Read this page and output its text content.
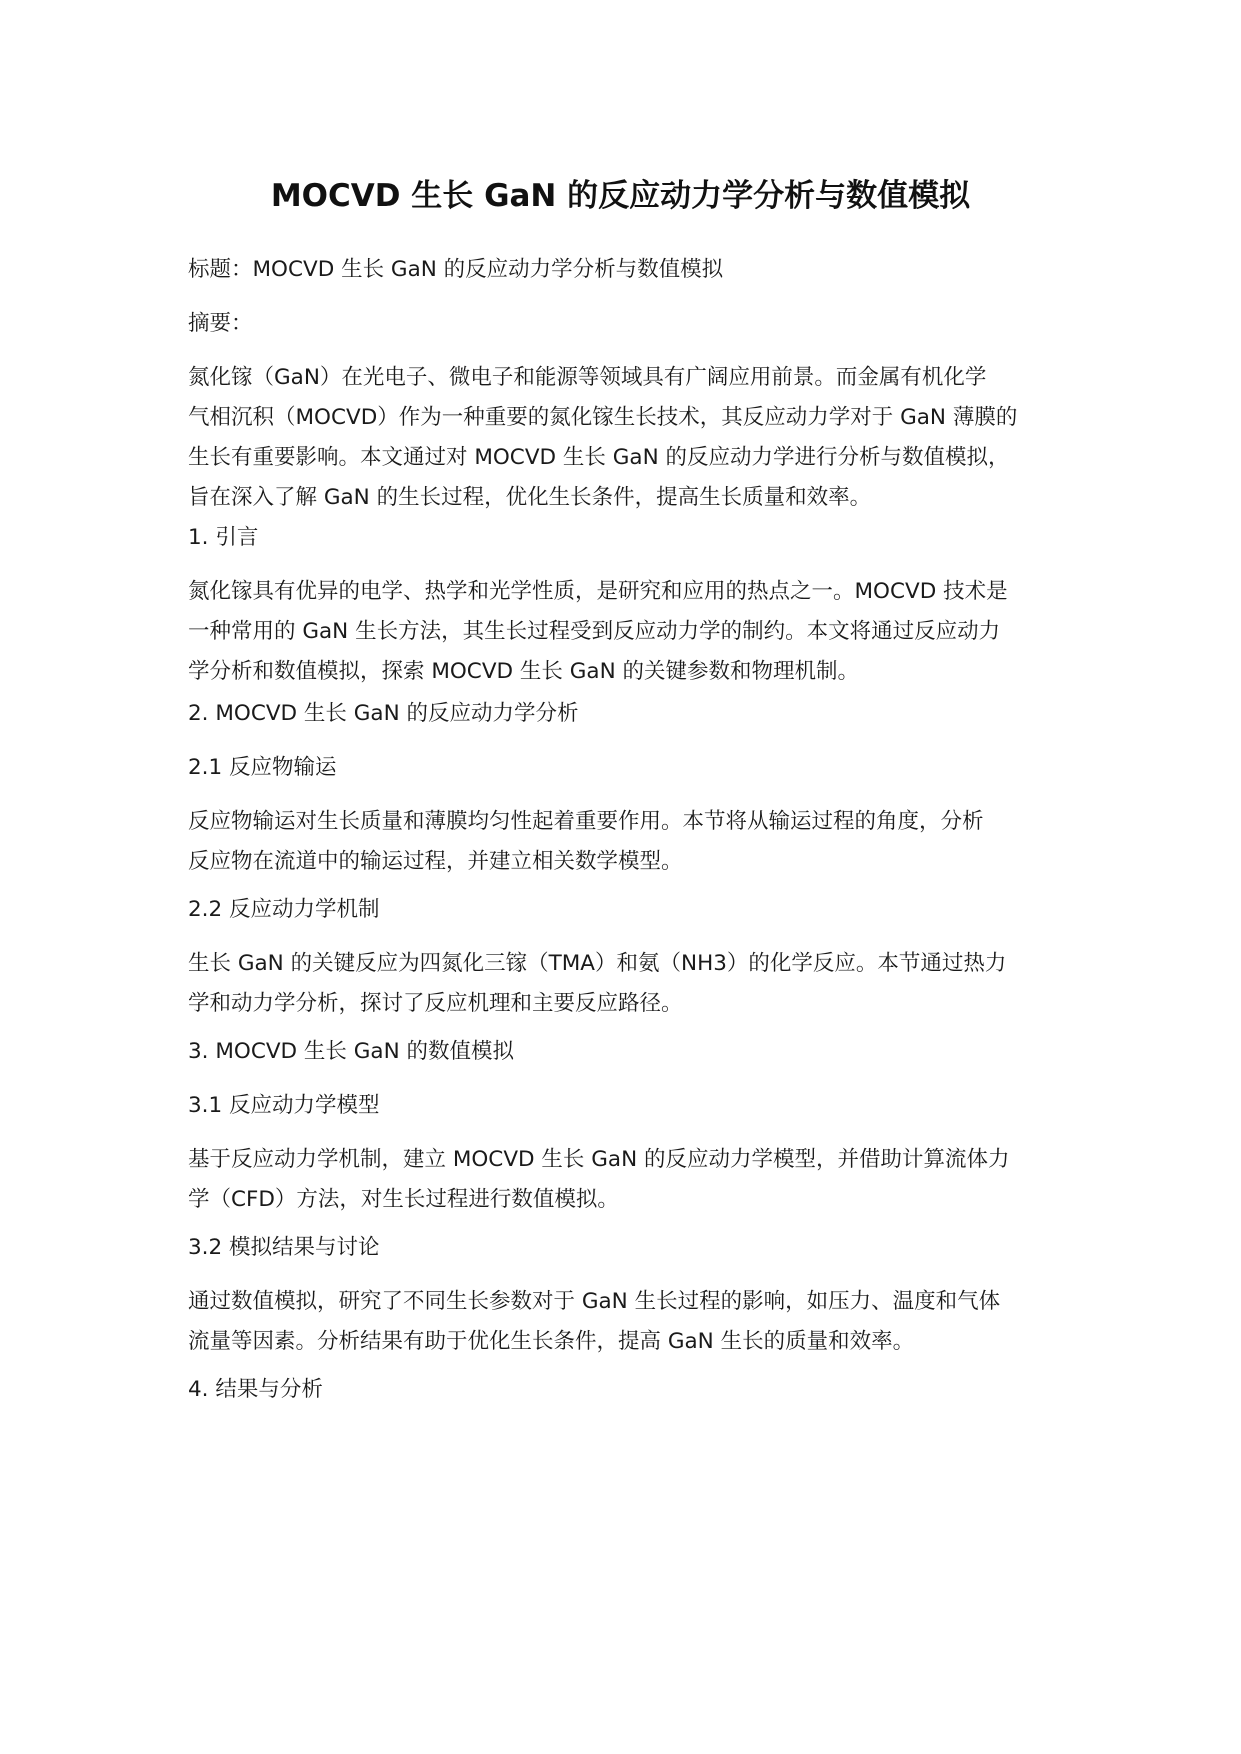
MOCVD 生长 GaN 的反应动力学分析与数值模拟

标题：MOCVD 生长 GaN 的反应动力学分析与数值模拟

摘要：

氮化镓（GaN）在光电子、微电子和能源等领域具有广阔应用前景。而金属有机化学
气相沉积（MOCVD）作为一种重要的氮化镓生长技术，其反应动力学对于 GaN 薄膜的
生长有重要影响。本文通过对 MOCVD 生长 GaN 的反应动力学进行分析与数值模拟，
旨在深入了解 GaN 的生长过程，优化生长条件，提高生长质量和效率。

1. 引言

氮化镓具有优异的电学、热学和光学性质，是研究和应用的热点之一。MOCVD 技术是
一种常用的 GaN 生长方法，其生长过程受到反应动力学的制约。本文将通过反应动力
学分析和数值模拟，探索 MOCVD 生长 GaN 的关键参数和物理机制。

2. MOCVD 生长 GaN 的反应动力学分析

2.1 反应物输运

反应物输运对生长质量和薄膜均匀性起着重要作用。本节将从输运过程的角度，分析
反应物在流道中的输运过程，并建立相关数学模型。

2.2 反应动力学机制

生长 GaN 的关键反应为四氮化三镓（TMA）和氨（NH3）的化学反应。本节通过热力
学和动力学分析，探讨了反应机理和主要反应路径。

3. MOCVD 生长 GaN 的数值模拟

3.1 反应动力学模型

基于反应动力学机制，建立 MOCVD 生长 GaN 的反应动力学模型，并借助计算流体力
学（CFD）方法，对生长过程进行数值模拟。

3.2 模拟结果与讨论

通过数值模拟，研究了不同生长参数对于 GaN 生长过程的影响，如压力、温度和气体
流量等因素。分析结果有助于优化生长条件，提高 GaN 生长的质量和效率。

4. 结果与分析
